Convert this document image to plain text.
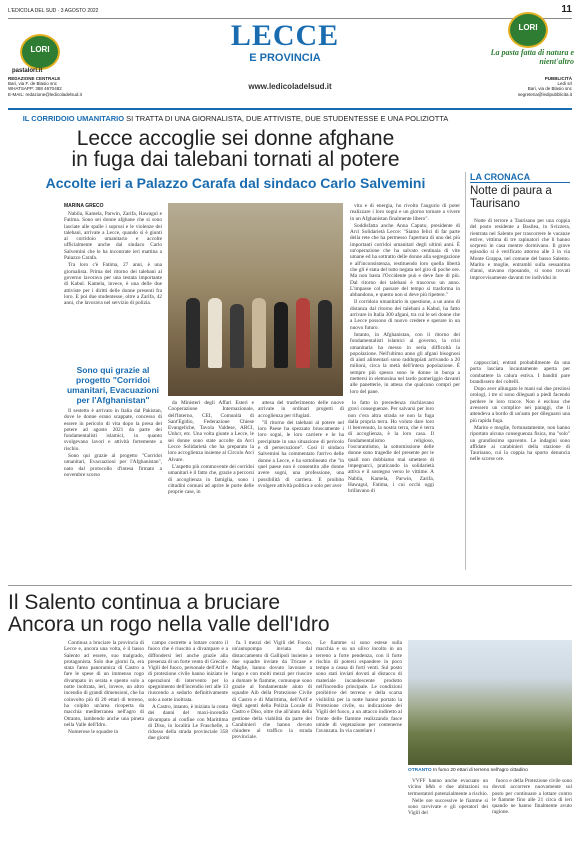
L'EDICOLA DEL SUD · 3 AGOSTO 2022	11
LORI
pastalori.it
LORI
LECCE
E PROVINCIA
www.ledicoladelsud.it
La pasta fatta di natura e nient'altro
REDAZIONE CENTRALE
Bari, via F. de Blasio snc
WHATSAPP: 388 4670482
E-MAIL: redazione@ledicoladelsud.it
PUBBLICITÀ
Ledi srl
Bari, via de Blasio snc
segreteria@ledipubblicita.it
IL CORRIDOIO UMANITARIO SI TRATTA DI UNA GIORNALISTA, DUE ATTIVISTE, DUE STUDENTESSE E UNA POLIZIOTTA
Lecce accoglie sei donne afghane
in fuga dai talebani tornati al potere
Accolte ieri a Palazzo Carafa dal sindaco Carlo Salvemini
MARINA GRECO

Nabila, Kamela, Parwin, Zarifa, Hawagul e Fatima. Sono sei donne afghane che si sono lasciate alle spalle i soprusi e le violenze dei talebani, arrivate a Lecce, quando si è giunti al corridoio umanitario e accolte ufficialmente anche dal sindaco Carlo Salvemini che le ha incontrate ieri mattina a Palazzo Carafa.

Tra loro c'è Fatima, 27 anni, è una giornalista. Prima del ritorno dei talebani al governo lavorava per una testata importante di Kabul. Kamela, invece, è una delle due attiviste per i diritti delle donne presenti fra loro. E poi due studentesse, oltre a Zarifa, 42 anni, che lavorava nel servizio di polizia.

Sono qui grazie al progetto "Corridoi umanitari, Evacuazioni per l'Afghanistan"

Il sestetto è arrivato in Italia dal Pakistan, dove le donne erano scappate, concesso di essere in pericolo di vita dopo la presa del potere ad agosto 2021 da parte dei fondamentalisti islamici, in quanto svolgevano lavori e attività fortemente a rischio.

Sono qui grazie al progetto "Corridoi umanitari, Evacuazioni per l'Afghanistan", nato dal protocollo d'intesa firmato a novembre scorso

da Ministeri degli Affari Esteri e Cooperazione Internazionale, dell'Interno, CEI, Comunità di Sant'Egidio, Federazione Chiese Evangeliche, Tavola Valdese, ARCI, Unhcr, etc. Una volta giunte a Lecce, le sei donne sono state accolte da Arci Lecce Solidarietà che ha preparato la loro accoglienza insieme al Circolo Arci Alvare.

L'aspetto più commovente dei corridoi umanitari è il fatto che, grazie a percorsi di accoglienza in famiglia, sono i cittadini comuni ad aprire le porte delle proprie case, in

attesa del trasferimento delle nuove arrivate in ordinari progetti di accoglienza per rifugiati.

"Il ritorno dei talebani al potere nel loro Paese ha spezzato bruscamente i loro sogni, le loro carriere e le ha precipitate in una situazione di pericolo e di persecuzione". Così il sindaco Salvemini ha commentato l'arrivo delle donne a Lecce, e ha sottolineato che "in quel paese non è consentito alle donne avere sogni, una professione, una possibilità di carriera. E proibito svolgere attività politica e solo per aver

lo fatto in precedenza rischiavano gravi conseguenze. Per salvarsi per loro non c'era altra strada se non la fuga dalla propria terra. Ho voluto dare loro il benvenuto, la nostra terra, che è terra di accoglienza, è la loro casa. Il fondamentalismo religioso, l'oscurantismo, la sottomissione delle donne sono tragedie del presente per le quali non dobbiamo mai smettere di impegnarci, praticando la solidarietà attiva e il sostegno verso le vittime. A Nabila, Kamela, Parwin, Zarifa, Hawagul, Fatima, i cui occhi oggi brillavano di

vita e di energia, ho rivolto l'augurio di poter realizzare i loro sogni e un giorno tornare a vivere in un Afghanistan finalmente libero".

Soddisfatta anche Anna Caputo, presidente di Arci Solidarietà Lecce: "Siamo felici di far parte della rete che ha permesso l'apertura di uno dei più importanti corridoi umanitari degli ultimi anni. È un'operazione che ha salvato centinaia di vite umane ed ha sottratto delle donne alla segregazione e all'inconsistenza, restituendo loro quella libertà che gli è stata del tutto negata nel giro di poche ore. Ma non basta l'Occidente può e deve fare di più. Dal ritorno dei talebani è trascorso un anno. L'impasse col passare del tempo si trasforma in abbandono, e questo non si deve più ripetere."

Il corridoio umanitario in questione, a un anno di distanza dal ritorno dei talebani a Kabul, ha fatto arrivare in Italia 300 afgani, tra cui le sei donne che a Lecce possono di nuovo credere e sperare in un nuovo futuro.

Intanto, in Afghanistan, con il ritorno dei fondamentalisti islamici al governo, la crisi umanitaria ha messo in seria difficoltà la popolazione. Nell'ultimo anno gli afgani bisognosi di aiuti alimentari sono raddoppiati arrivando a 20 milioni, circa la metà dell'intera popolazione. È sempre più spesso sono le donne in burqa a mettersi in elemosina nel tardo pomeriggio davanti alle panetterie, in attesa che qualcuno compri per loro del pane.

LA CRONACA
Notte di paura a Taurisano

Notte di terrore a Taurisano per una coppia del posto residente a Basilea, in Svizzera, rientrata nel Salento per trascorrere le vacanze estive, vittima di tre rapinatori che li hanno sorpresi in casa mentre dormivano. Il grave episodio si è verificato attorno alle 3 in via Monte Grappa, nel comune del basso Salento. Marito e moglie, entrambi sulla sessantina d'anni, stavano riposando, si sono trovati improvvisamente davanti tre individui in

cappucciati, entrati probabilmente da una porta lasciata incautamente aperta per combattere la calura estiva. I banditi pare brandissero dei coltelli.

Dopo aver allungato le mani sui due preziosi orologi, i tre si sono dileguati a piedi facendo perdere le loro tracce. Non è escluso che avessero un complice nei paraggi, che li attendeva a bordo di un'auto per dileguarsi una più rapida fuga.

Marito e moglie, fortunatamente, non hanno riportato alcuna conseguenza fisica, ma "solo" un grandissimo spavento. Le indagini sono affidate ai carabinieri della stazione di Taurisano, cui la coppia ha sporto denuncia nelle scorse ore.

Il Salento continua a bruciare
Ancora un rogo nella valle dell'Idro

Continua a bruciare la provincia di Lecce e, ancora una volta, è il basso Salento ad essere, suo malgrado, protagonista. Solo due giorni fa, era stata l'area panoramica di Castro a fare le spese di un immenso rogo divampato in serata e spento solo a notte inoltrata, ieri, invece, un altro incendio di grandi dimensioni, che ha coinvolto più di 20 ettari di terreno, ha colpito un'area ricoperta da macchia mediterranea nell'agro di Otranto, lambendo anche una pineta nella Valle dell'Idro.

Numerose le squadre in

campo costrette a lottare contro il fuoco che è riuscito a divampare e a diffondersi ieri anche grazie alla presenza di un forte vento di Grecale. Vigili del fuoco, personale dell'Arif e di protezione civile hanno iniziato le operazioni di intervento per lo spegnimento dell'incendio ieri alle 13 riuscendo a sedarlo definitivamente solo a notte inoltrata.

A Castro, intanto, è iniziata la conta dei danni del maxi-incendio divampato al confine con Marittima di Diso, in località Le Fraschelle, a ridosso della strada provinciale 358 due giorni

fa. I mezzi dei Vigili del Fuoco, un'autopompa inviata dal distaccamento di Gallipoli insieme a due squadre inviate da Tricase e Maglie, hanno dovuto lavorare a lungo e con molti mezzi per riuscire a domare le fiamme, comunque sono grazie al fondamentale aiuto di squadre Aib della Protezione Civile di Castro e di Marittima, dell'Arif e degli agenti della Polizia Locale di Castro e Diso, oltre che all'aiuto della gestione della viabilità da parte dei Carabinieri che hanno dovuto chiudere al traffico la strada provinciale.

Le fiamme si sono estese sulla macchia e su un ulivo incolto in un terreno a forte pendenza, con il forte rischio di potersi espandere in poco tempo a causa di forti venti. Sul posto sono stati inviati dovuti al distacco di materiale incandescente prodotto nell'incendio principale. Le condizioni proibitive del terreno e della scarsa visibilità per la notte hanno portato la Protezione civile, su indicazione dei Vigili del fuoco, a un attacco indiretto al fronte delle fiamme realizzando fasce umide di vegetazione per contenerne l'avanzata. In via cautelare i

OTRANTO In fumo 20 ettari di terreno nell'agro cittadino

VVFF hanno anche evacuato un vicino b&b e due abitazioni su termostatori potenzialmente a rischio.

Nelle ore successive le fiamme si sono ravvivate e gli operatori dei Vigili del

fuoco e della Protezione civile sono dovuti accorrere nuovamente sul posto per continuare a lottare contro le fiamme fino alle 21 circa di ieri quando ne hanno finalmente avuto ragione.
